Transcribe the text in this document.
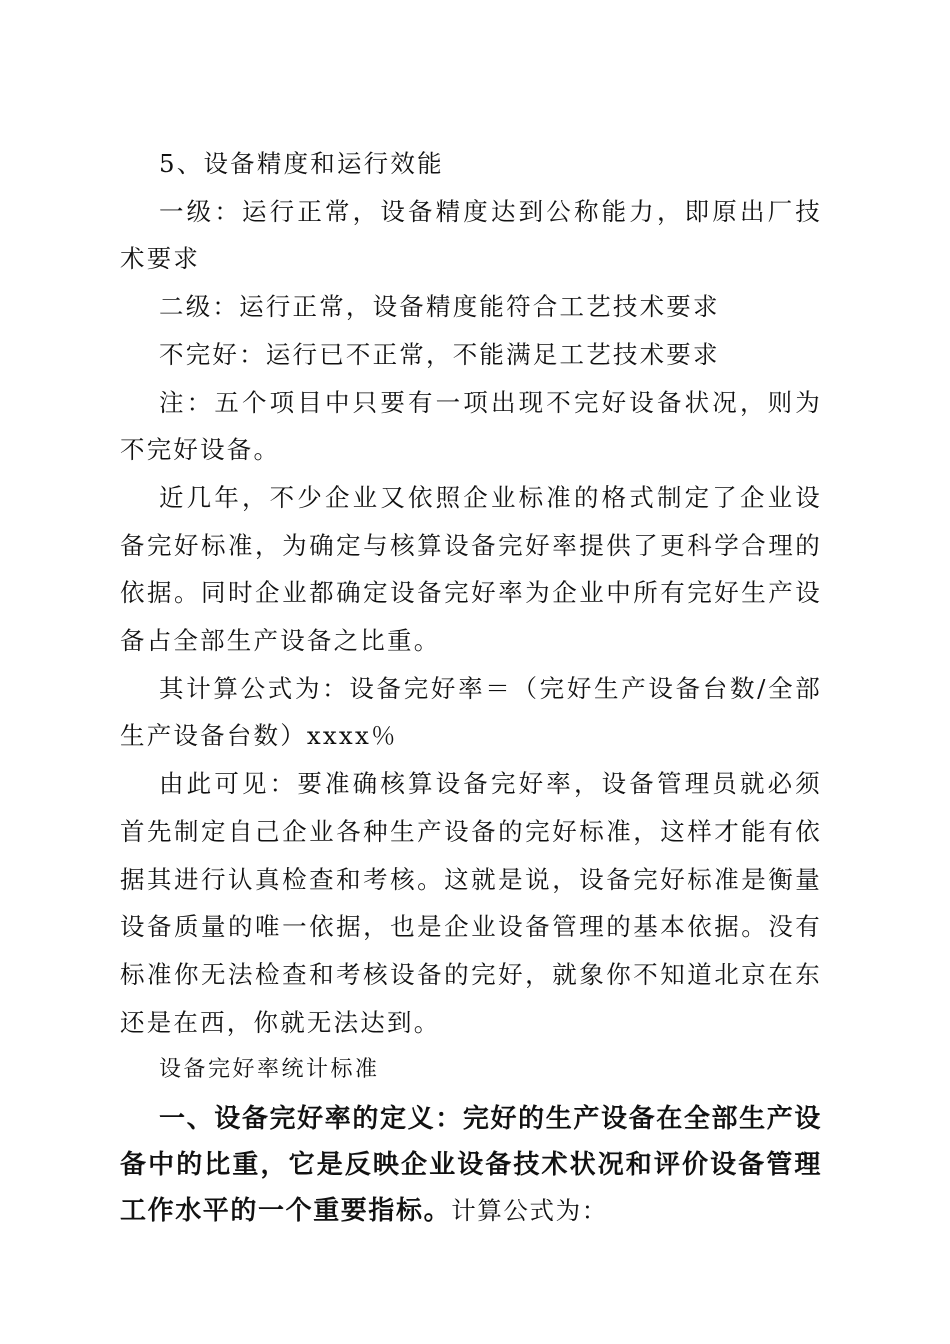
5、设备精度和运行效能

一级：运行正常，设备精度达到公称能力，即原出厂技术要求

二级：运行正常，设备精度能符合工艺技术要求

不完好：运行已不正常，不能满足工艺技术要求

注：五个项目中只要有一项出现不完好设备状况，则为不完好设备。

近几年，不少企业又依照企业标准的格式制定了企业设备完好标准，为确定与核算设备完好率提供了更科学合理的依据。同时企业都确定设备完好率为企业中所有完好生产设备占全部生产设备之比重。

其计算公式为：设备完好率＝（完好生产设备台数/全部生产设备台数）xxxx％

由此可见：要准确核算设备完好率，设备管理员就必须首先制定自己企业各种生产设备的完好标准，这样才能有依据其进行认真检查和考核。这就是说，设备完好标准是衡量设备质量的唯一依据，也是企业设备管理的基本依据。没有标准你无法检查和考核设备的完好，就象你不知道北京在东还是在西，你就无法达到。

设备完好率统计标准

一、设备完好率的定义：完好的生产设备在全部生产设备中的比重，它是反映企业设备技术状况和评价设备管理工作水平的一个重要指标。计算公式为：
